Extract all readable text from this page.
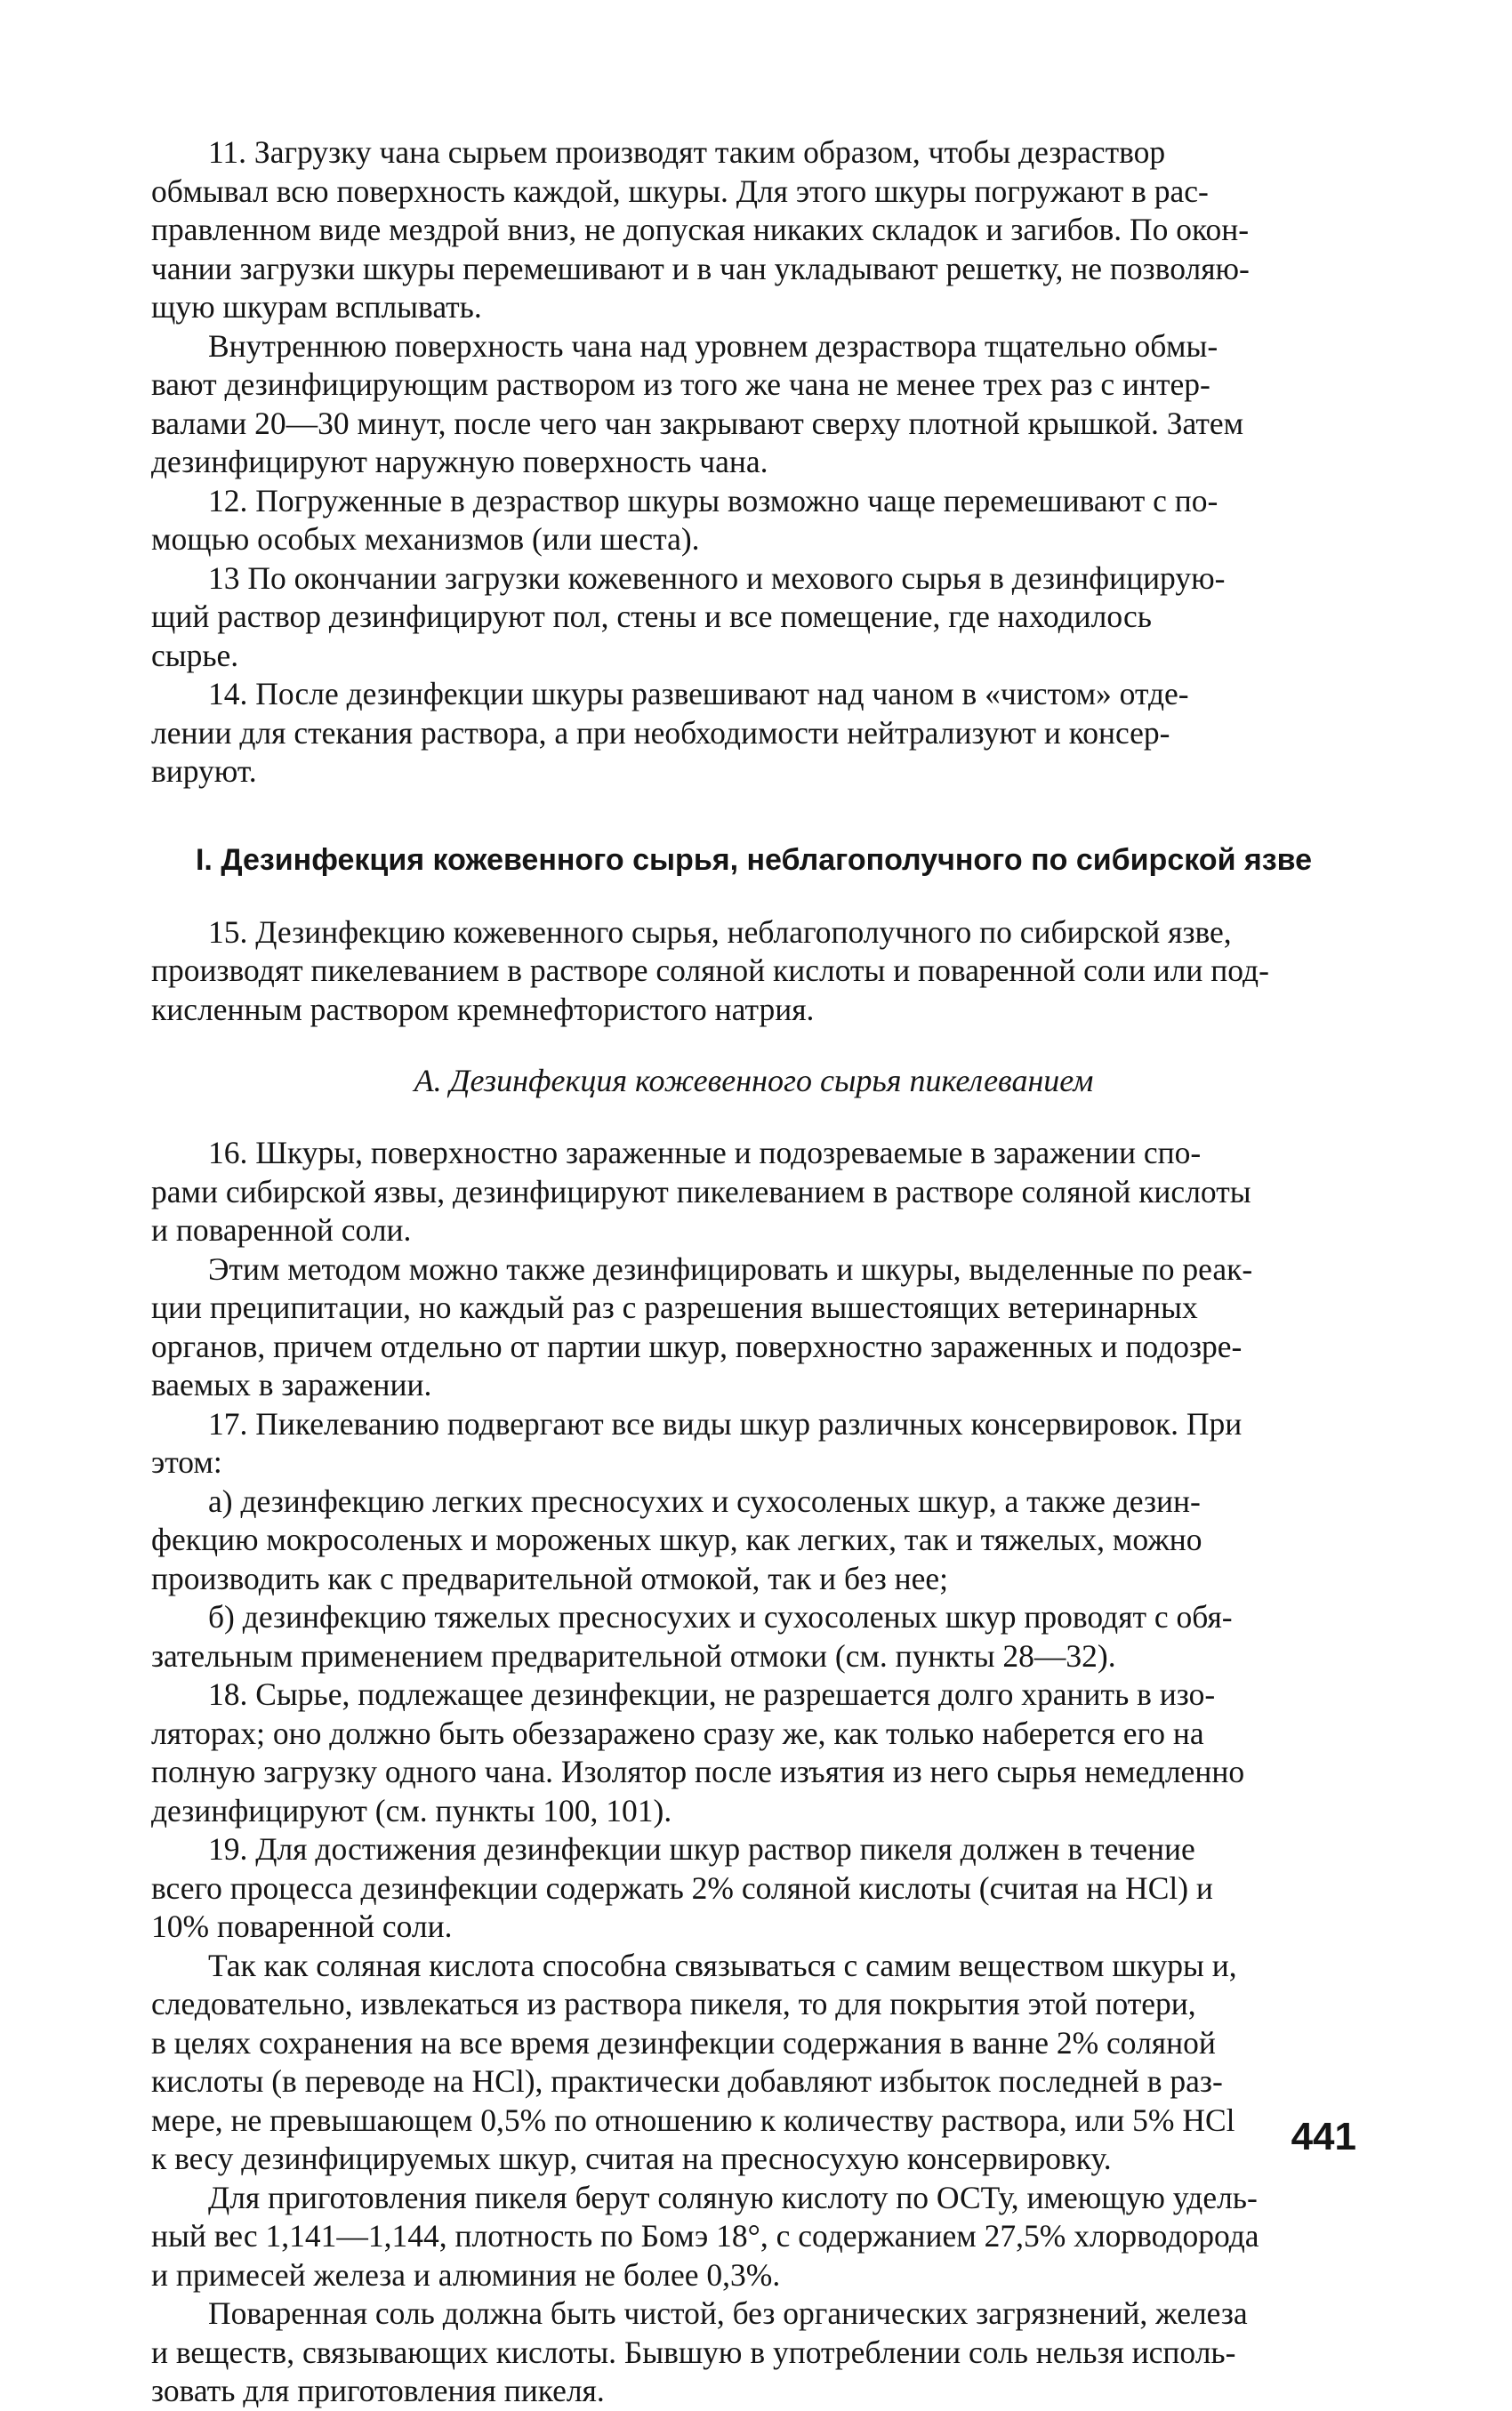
11. Загрузку чана сырьем производят таким образом, чтобы дезраствор
обмывал всю поверхность каждой, шкуры. Для этого шкуры погружают в рас-
правленном виде мездрой вниз, не допуская никаких складок и загибов. По окон-
чании загрузки шкуры перемешивают и в чан укладывают решетку, не позволяю-
щую шкурам всплывать.

Внутреннюю поверхность чана над уровнем дезраствора тщательно обмы-
вают дезинфицирующим раствором из того же чана не менее трех раз с интер-
валами 20—30 минут, после чего чан закрывают сверху плотной крышкой. Затем
дезинфицируют наружную поверхность чана.

12. Погруженные в дезраствор шкуры возможно чаще перемешивают с по-
мощью особых механизмов (или шеста).

13 По окончании загрузки кожевенного и мехового сырья в дезинфицирую-
щий раствор дезинфицируют пол, стены и все помещение, где находилось
сырье.

14. После дезинфекции шкуры развешивают над чаном в «чистом» отде-
лении для стекания раствора, а при необходимости нейтрализуют и консер-
вируют.

I. Дезинфекция кожевенного сырья, неблагополучного по сибирской язве

15. Дезинфекцию кожевенного сырья, неблагополучного по сибирской язве,
производят пикелеванием в растворе соляной кислоты и поваренной соли или под-
кисленным раствором кремнефтористого натрия.

А. Дезинфекция кожевенного сырья пикелеванием

16. Шкуры, поверхностно зараженные и подозреваемые в заражении спо-
рами сибирской язвы, дезинфицируют пикелеванием в растворе соляной кислоты
и поваренной соли.

Этим методом можно также дезинфицировать и шкуры, выделенные по реак-
ции преципитации, но каждый раз с разрешения вышестоящих ветеринарных
органов, причем отдельно от партии шкур, поверхностно зараженных и подозре-
ваемых в заражении.

17. Пикелеванию подвергают все виды шкур различных консервировок. При
этом:

а) дезинфекцию легких пресносухих и сухосоленых шкур, а также дезин-
фекцию мокросоленых и мороженых шкур, как легких, так и тяжелых, можно
производить как с предварительной отмокой, так и без нее;

б) дезинфекцию тяжелых пресносухих и сухосоленых шкур проводят с обя-
зательным применением предварительной отмоки (см. пункты 28—32).

18. Сырье, подлежащее дезинфекции, не разрешается долго хранить в изо-
ляторах; оно должно быть обеззаражено сразу же, как только наберется его на
полную загрузку одного чана. Изолятор после изъятия из него сырья немедленно
дезинфицируют (см. пункты 100, 101).

19. Для достижения дезинфекции шкур раствор пикеля должен в течение
всего процесса дезинфекции содержать 2% соляной кислоты (считая на НСl) и
10% поваренной соли.

Так как соляная кислота способна связываться с самим веществом шкуры и,
следовательно, извлекаться из раствора пикеля, то для покрытия этой потери,
в целях сохранения на все время дезинфекции содержания в ванне 2% соляной
кислоты (в переводе на НСl), практически добавляют избыток последней в раз-
мере, не превышающем 0,5% по отношению к количеству раствора, или 5% НСl
к весу дезинфицируемых шкур, считая на пресносухую консервировку.

Для приготовления пикеля берут соляную кислоту по ОСТу, имеющую удель-
ный вес 1,141—1,144, плотность по Бомэ 18°, с содержанием 27,5% хлорводорода
и примесей железа и алюминия не более 0,3%.

Поваренная соль должна быть чистой, без органических загрязнений, железа
и веществ, связывающих кислоты. Бывшую в употреблении соль нельзя исполь-
зовать для приготовления пикеля.

441
